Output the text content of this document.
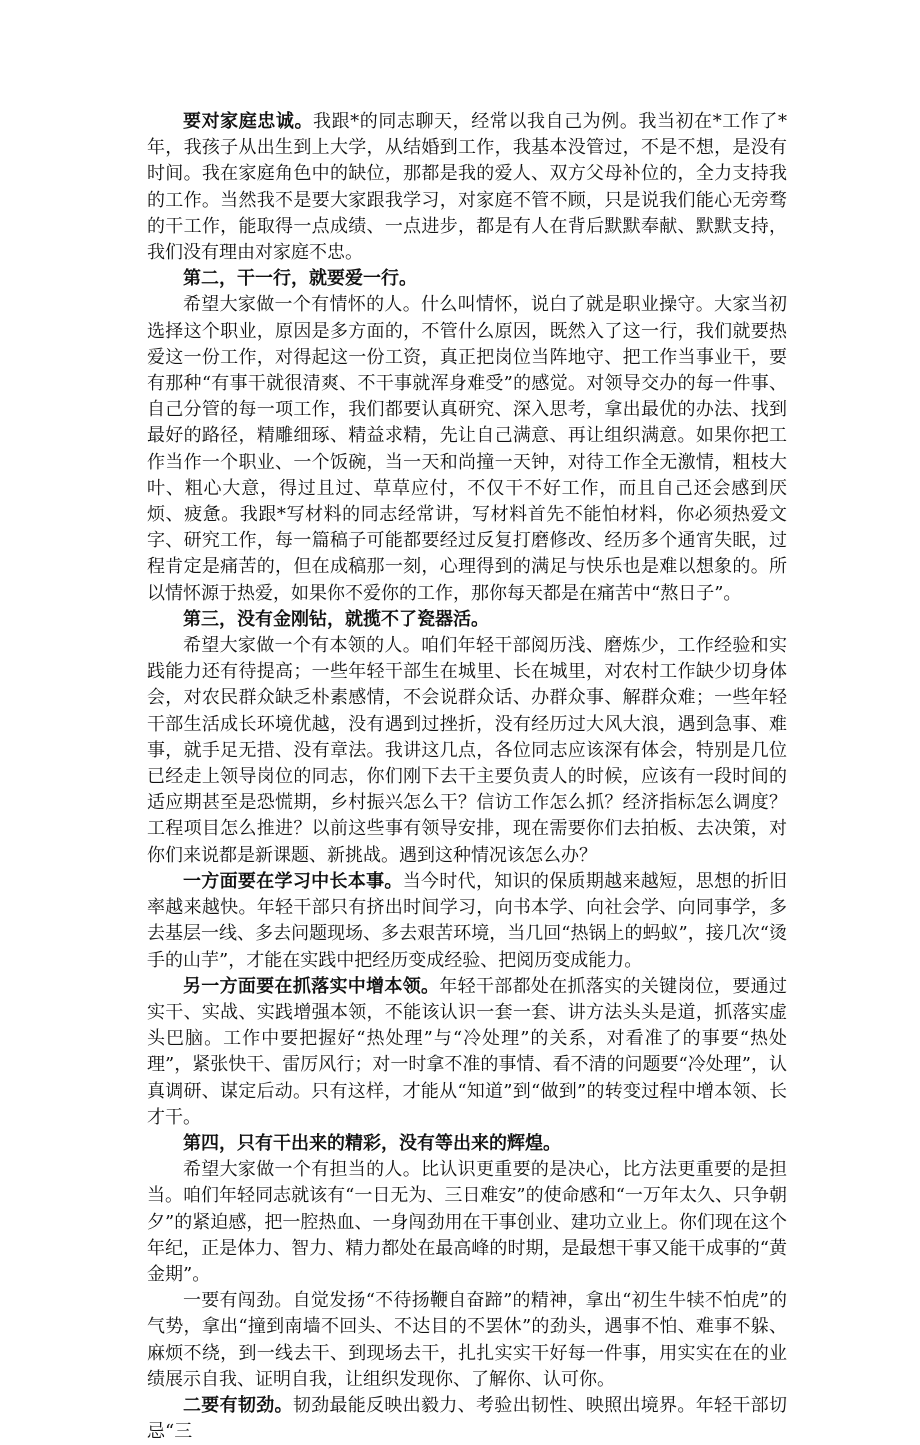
要对家庭忠诚。我跟*的同志聊天，经常以我自己为例。我当初在*工作了*年，我孩子从出生到上大学，从结婚到工作，我基本没管过，不是不想，是没有时间。我在家庭角色中的缺位，那都是我的爱人、双方父母补位的，全力支持我的工作。当然我不是要大家跟我学习，对家庭不管不顾，只是说我们能心无旁骛的干工作，能取得一点成绩、一点进步，都是有人在背后默默奉献、默默支持，我们没有理由对家庭不忠。

第二，干一行，就要爱一行。

希望大家做一个有情怀的人。什么叫情怀，说白了就是职业操守。大家当初选择这个职业，原因是多方面的，不管什么原因，既然入了这一行，我们就要热爱这一份工作，对得起这一份工资，真正把岗位当阵地守、把工作当事业干，要有那种“有事干就很清爽、不干事就浑身难受”的感觉。对领导交办的每一件事、自己分管的每一项工作，我们都要认真研究、深入思考，拿出最优的办法、找到最好的路径，精雕细琢、精益求精，先让自己满意、再让组织满意。如果你把工作当作一个职业、一个饭碗，当一天和尚撞一天钟，对待工作全无激情，粗枝大叶、粗心大意，得过且过、草草应付，不仅干不好工作，而且自己还会感到厌烦、疲惫。我跟*写材料的同志经常讲，写材料首先不能怕材料，你必须热爱文字、研究工作，每一篇稿子可能都要经过反复打磨修改、经历多个通宵失眠，过程肯定是痛苦的，但在成稿那一刻，心理得到的满足与快乐也是难以想象的。所以情怀源于热爱，如果你不爱你的工作，那你每天都是在痛苦中“熬日子”。

第三，没有金刚钻，就揽不了瓷器活。

希望大家做一个有本领的人。咱们年轻干部阅历浅、磨炼少，工作经验和实践能力还有待提高；一些年轻干部生在城里、长在城里，对农村工作缺少切身体会，对农民群众缺乏朴素感情，不会说群众话、办群众事、解群众难；一些年轻干部生活成长环境优越，没有遇到过挫折，没有经历过大风大浪，遇到急事、难事，就手足无措、没有章法。我讲这几点，各位同志应该深有体会，特别是几位已经走上领导岗位的同志，你们刚下去干主要负责人的时候，应该有一段时间的适应期甚至是恐慌期，乡村振兴怎么干？信访工作怎么抓？经济指标怎么调度？工程项目怎么推进？以前这些事有领导安排，现在需要你们去拍板、去决策，对你们来说都是新课题、新挑战。遇到这种情况该怎么办？

一方面要在学习中长本事。当今时代，知识的保质期越来越短，思想的折旧率越来越快。年轻干部只有挤出时间学习，向书本学、向社会学、向同事学，多去基层一线、多去问题现场、多去艰苦环境，当几回“热锅上的蚂蚁”，接几次“烫手的山芋”，才能在实践中把经历变成经验、把阅历变成能力。

另一方面要在抓落实中增本领。年轻干部都处在抓落实的关键岗位，要通过实干、实战、实践增强本领，不能该认识一套一套、讲方法头头是道，抓落实虚头巴脑。工作中要把握好“热处理”与“冷处理”的关系，对看准了的事要“热处理”，紧张快干、雷厉风行；对一时拿不准的事情、看不清的问题要“冷处理”，认真调研、谋定后动。只有这样，才能从“知道”到“做到”的转变过程中增本领、长才干。

第四，只有干出来的精彩，没有等出来的辉煌。

希望大家做一个有担当的人。比认识更重要的是决心，比方法更重要的是担当。咱们年轻同志就该有“一日无为、三日难安”的使命感和“一万年太久、只争朝夕”的紧迫感，把一腔热血、一身闯劲用在干事创业、建功立业上。你们现在这个年纪，正是体力、智力、精力都处在最高峰的时期，是最想干事又能干成事的“黄金期”。

一要有闯劲。自觉发扬“不待扬鞭自奋蹄”的精神，拿出“初生牛犊不怕虎”的气势，拿出“撞到南墙不回头、不达目的不罢休”的劲头，遇事不怕、难事不躲、麻烦不绕，到一线去干、到现场去干，扎扎实实干好每一件事，用实实在在的业绩展示自我、证明自我，让组织发现你、了解你、认可你。

二要有韧劲。韧劲最能反映出毅力、考验出韧性、映照出境界。年轻干部切忌“三
